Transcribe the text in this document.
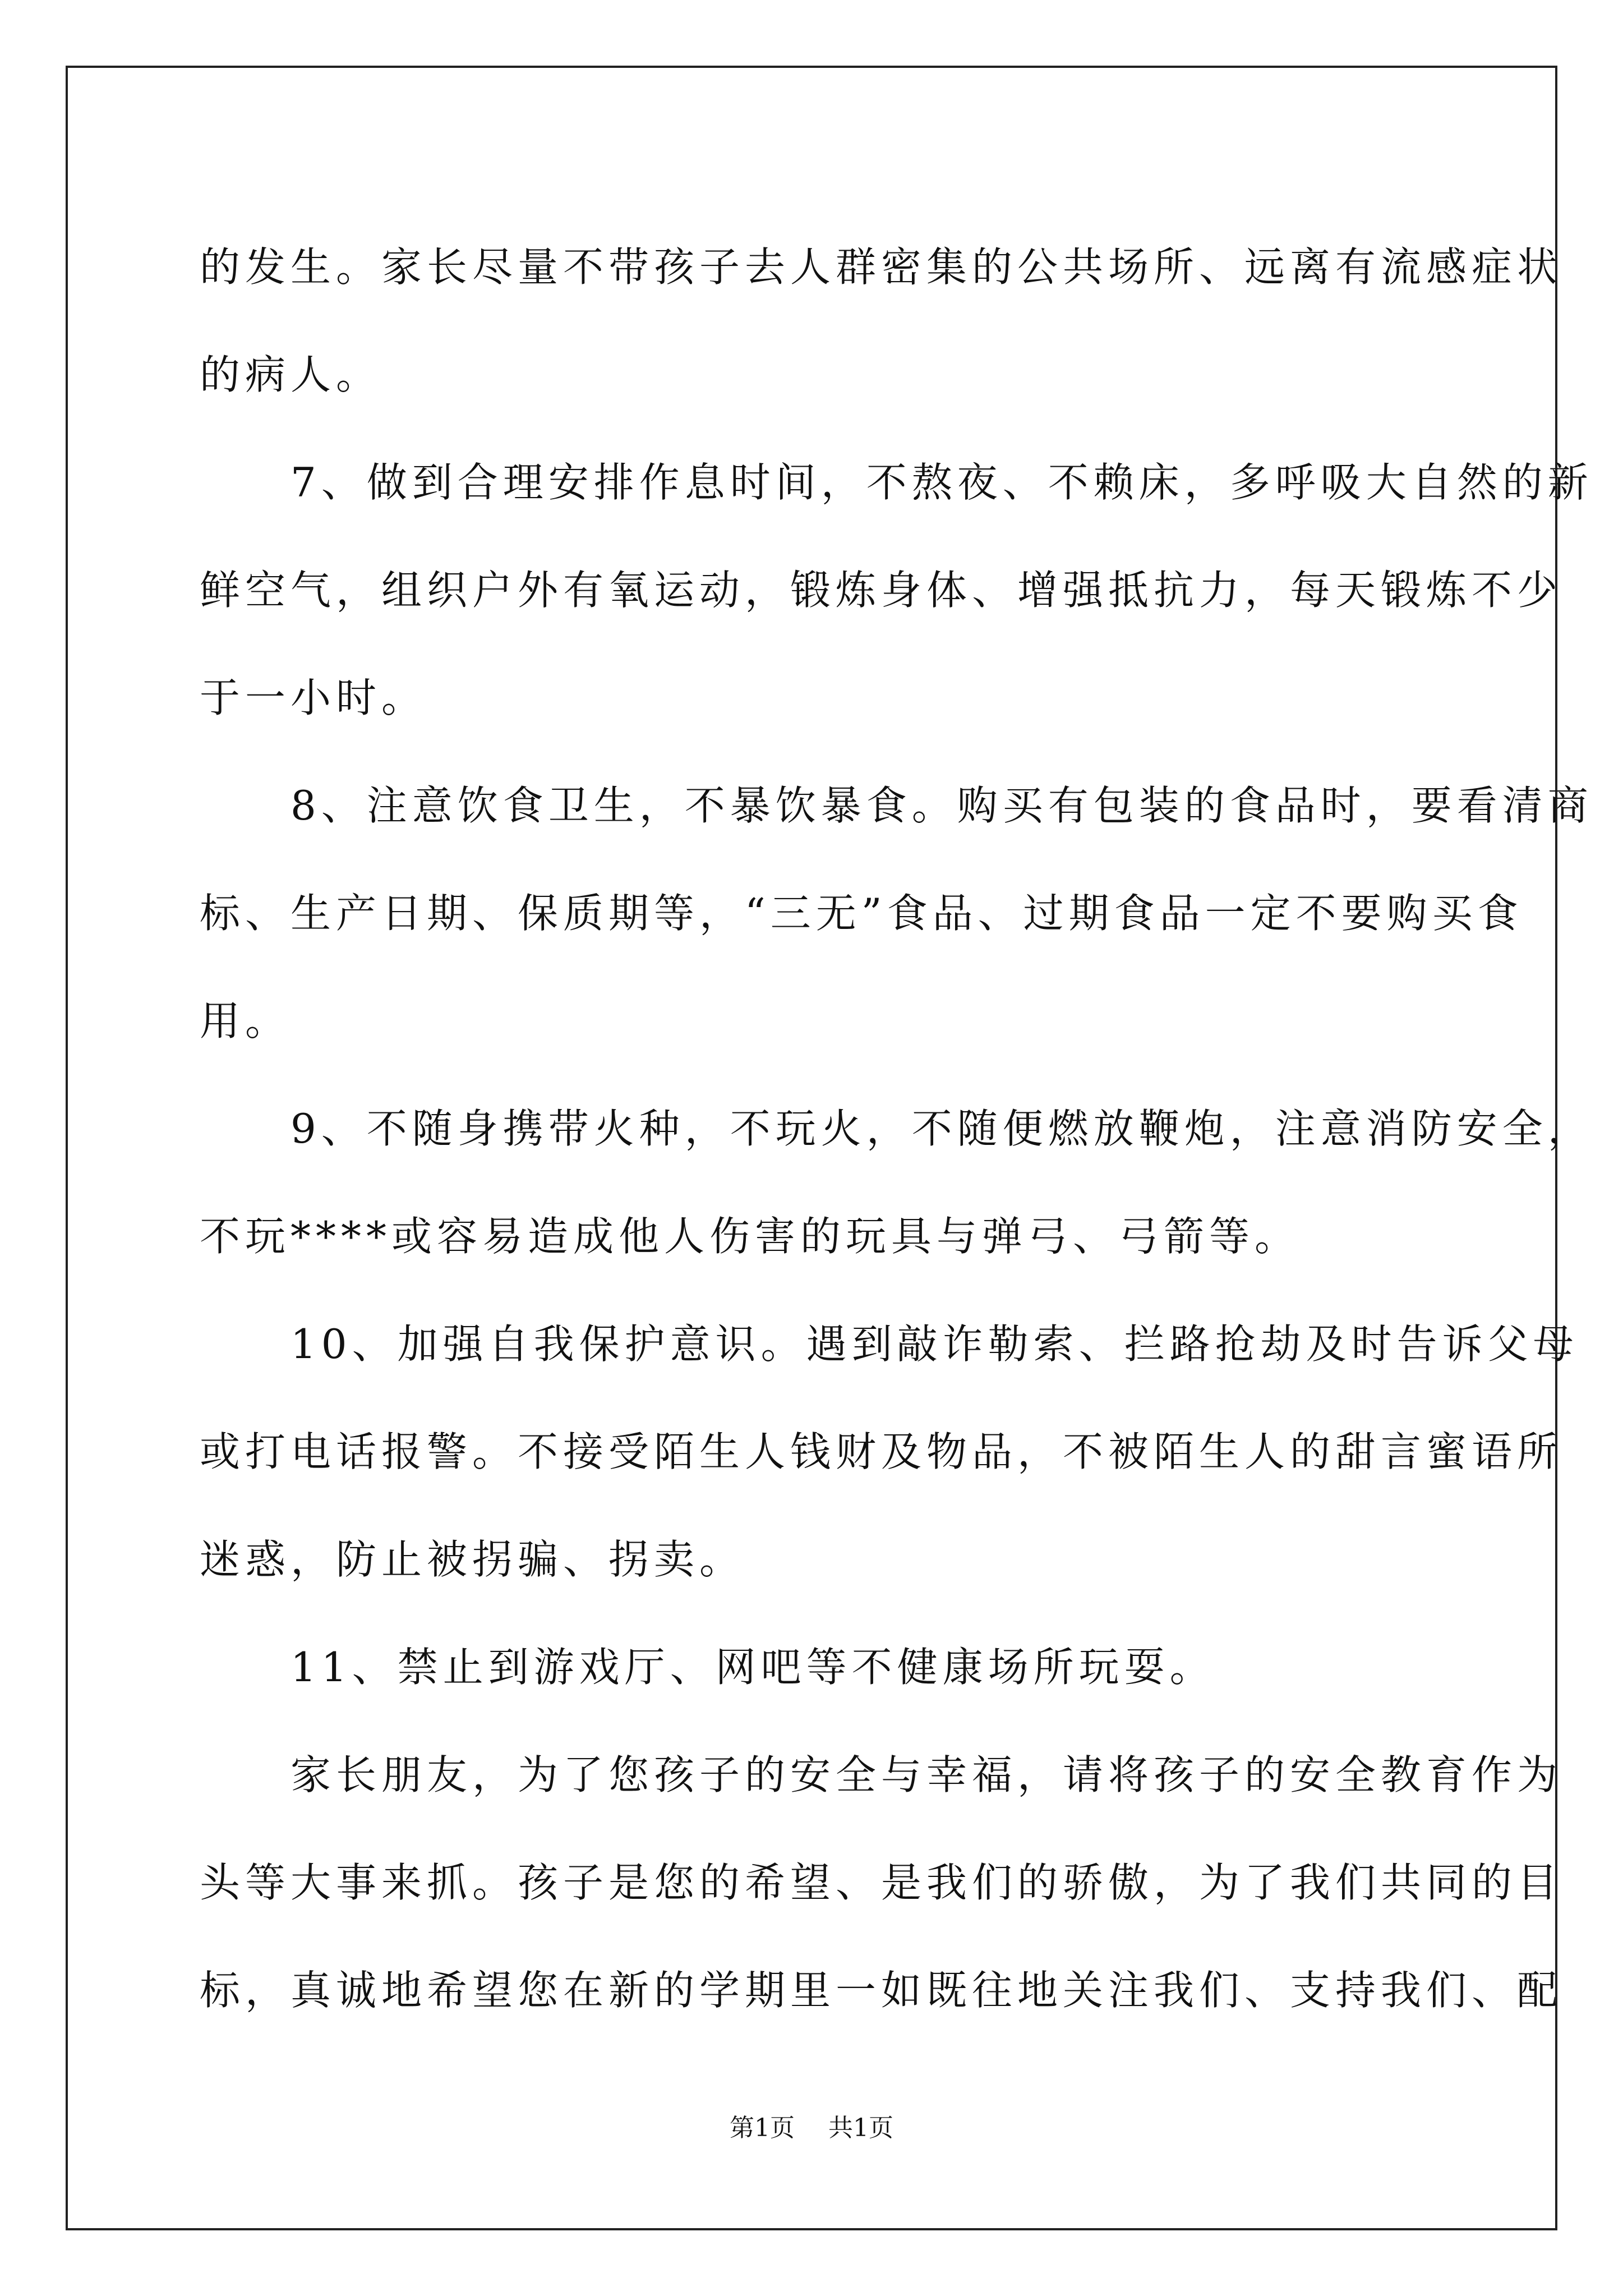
的发生。家长尽量不带孩子去人群密集的公共场所、远离有流感症状

的病人。

　　7、做到合理安排作息时间，不熬夜、不赖床，多呼吸大自然的新

鲜空气，组织户外有氧运动，锻炼身体、增强抵抗力，每天锻炼不少

于一小时。

　　8、注意饮食卫生，不暴饮暴食。购买有包装的食品时，要看清商

标、生产日期、保质期等，“三无”食品、过期食品一定不要购买食

用。

　　9、不随身携带火种，不玩火，不随便燃放鞭炮，注意消防安全，

不玩****或容易造成他人伤害的玩具与弹弓、弓箭等。

　　10、加强自我保护意识。遇到敲诈勒索、拦路抢劫及时告诉父母

或打电话报警。不接受陌生人钱财及物品，不被陌生人的甜言蜜语所

迷惑，防止被拐骗、拐卖。

　　11、禁止到游戏厅、网吧等不健康场所玩耍。

　　家长朋友，为了您孩子的安全与幸福，请将孩子的安全教育作为

头等大事来抓。孩子是您的希望、是我们的骄傲，为了我们共同的目

标，真诚地希望您在新的学期里一如既往地关注我们、支持我们、配

第1页 共1页
